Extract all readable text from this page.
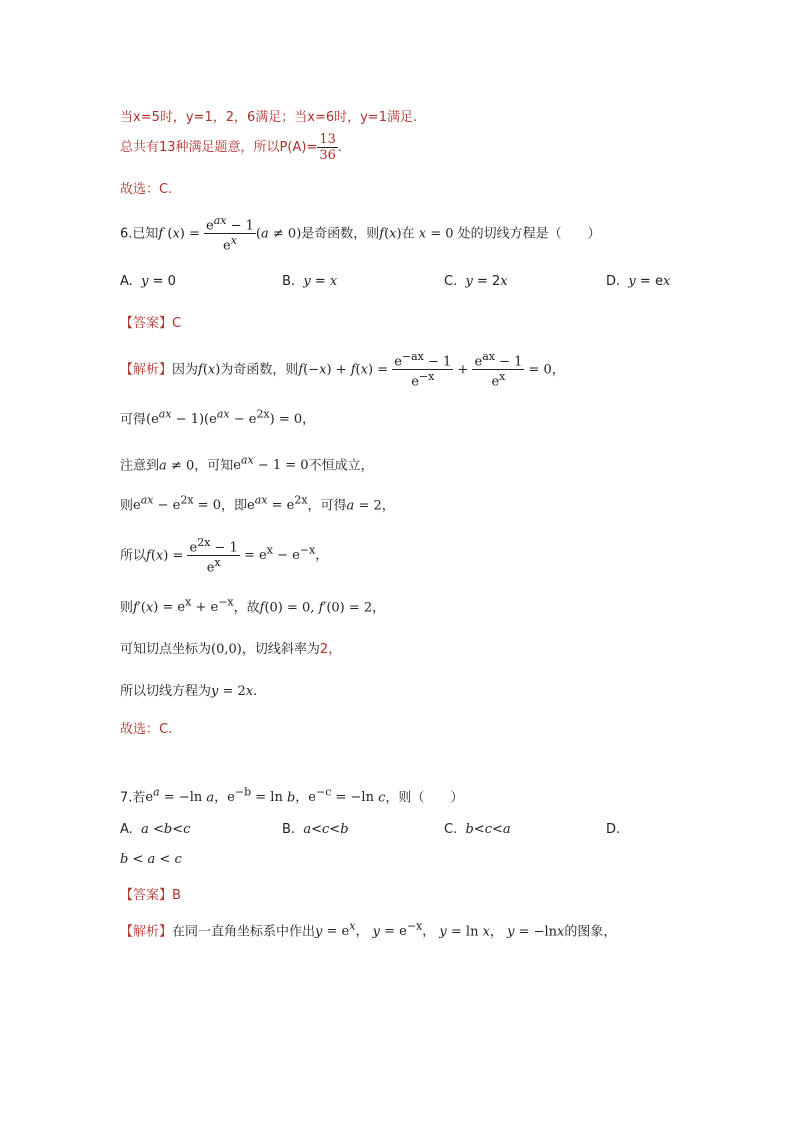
当x=5时，y=1，2，6满足；当x=6时，y=1满足.
总共有13种满足题意，所以$P(A)= \frac{13}{36}$ .
故选：C.
6.已知f $(x) = \frac{e^{ax} - 1}{e^x} (a \ne 0)$是奇函数，则f(x)在 x = 0 处的切线方程是（　　）
A.  y = 0	B.  y = x	C.  y = 2x	D.  y = ex
【答案】C
【解析】因为f(x)为奇函数，则$f(-x) + f(x) = \frac{e^{-ax} - 1}{e^{-x}} + \frac{e^{ax} - 1}{e^x} = 0$，
可得$(e^{ax} - 1)(e^{ax} - e^{2x}) = 0$，
注意到a ≠ 0，可知$e^{ax} - 1 = 0$不恒成立，
则$e^{ax} - e^{2x} = 0$，即$e^{ax} = e^{2x}$，可得a = 2，
所以$f(x) = \frac{e^{2x} - 1}{e^x} = e^x - e^{-x}$，
则$f'(x) = e^x + e^{-x}$，故f(0) = 0, f′(0) = 2，
可知切点坐标为(0,0)，切线斜率为2，
所以切线方程为y = 2x.
故选：C.
7.若$e^a = -\ln$ a，$e^{-b} = \ln b$，$e^{-c} = -\ln$ c，则（　　）
A.  a <b<c	B.  a<c<b	C.  b<c<a	D.
b < a < c
【答案】B
【解析】在同一直角坐标系中作出$y = e^x$， $y = e^{-x}$， y = ln x， y = −lnx的图象，
